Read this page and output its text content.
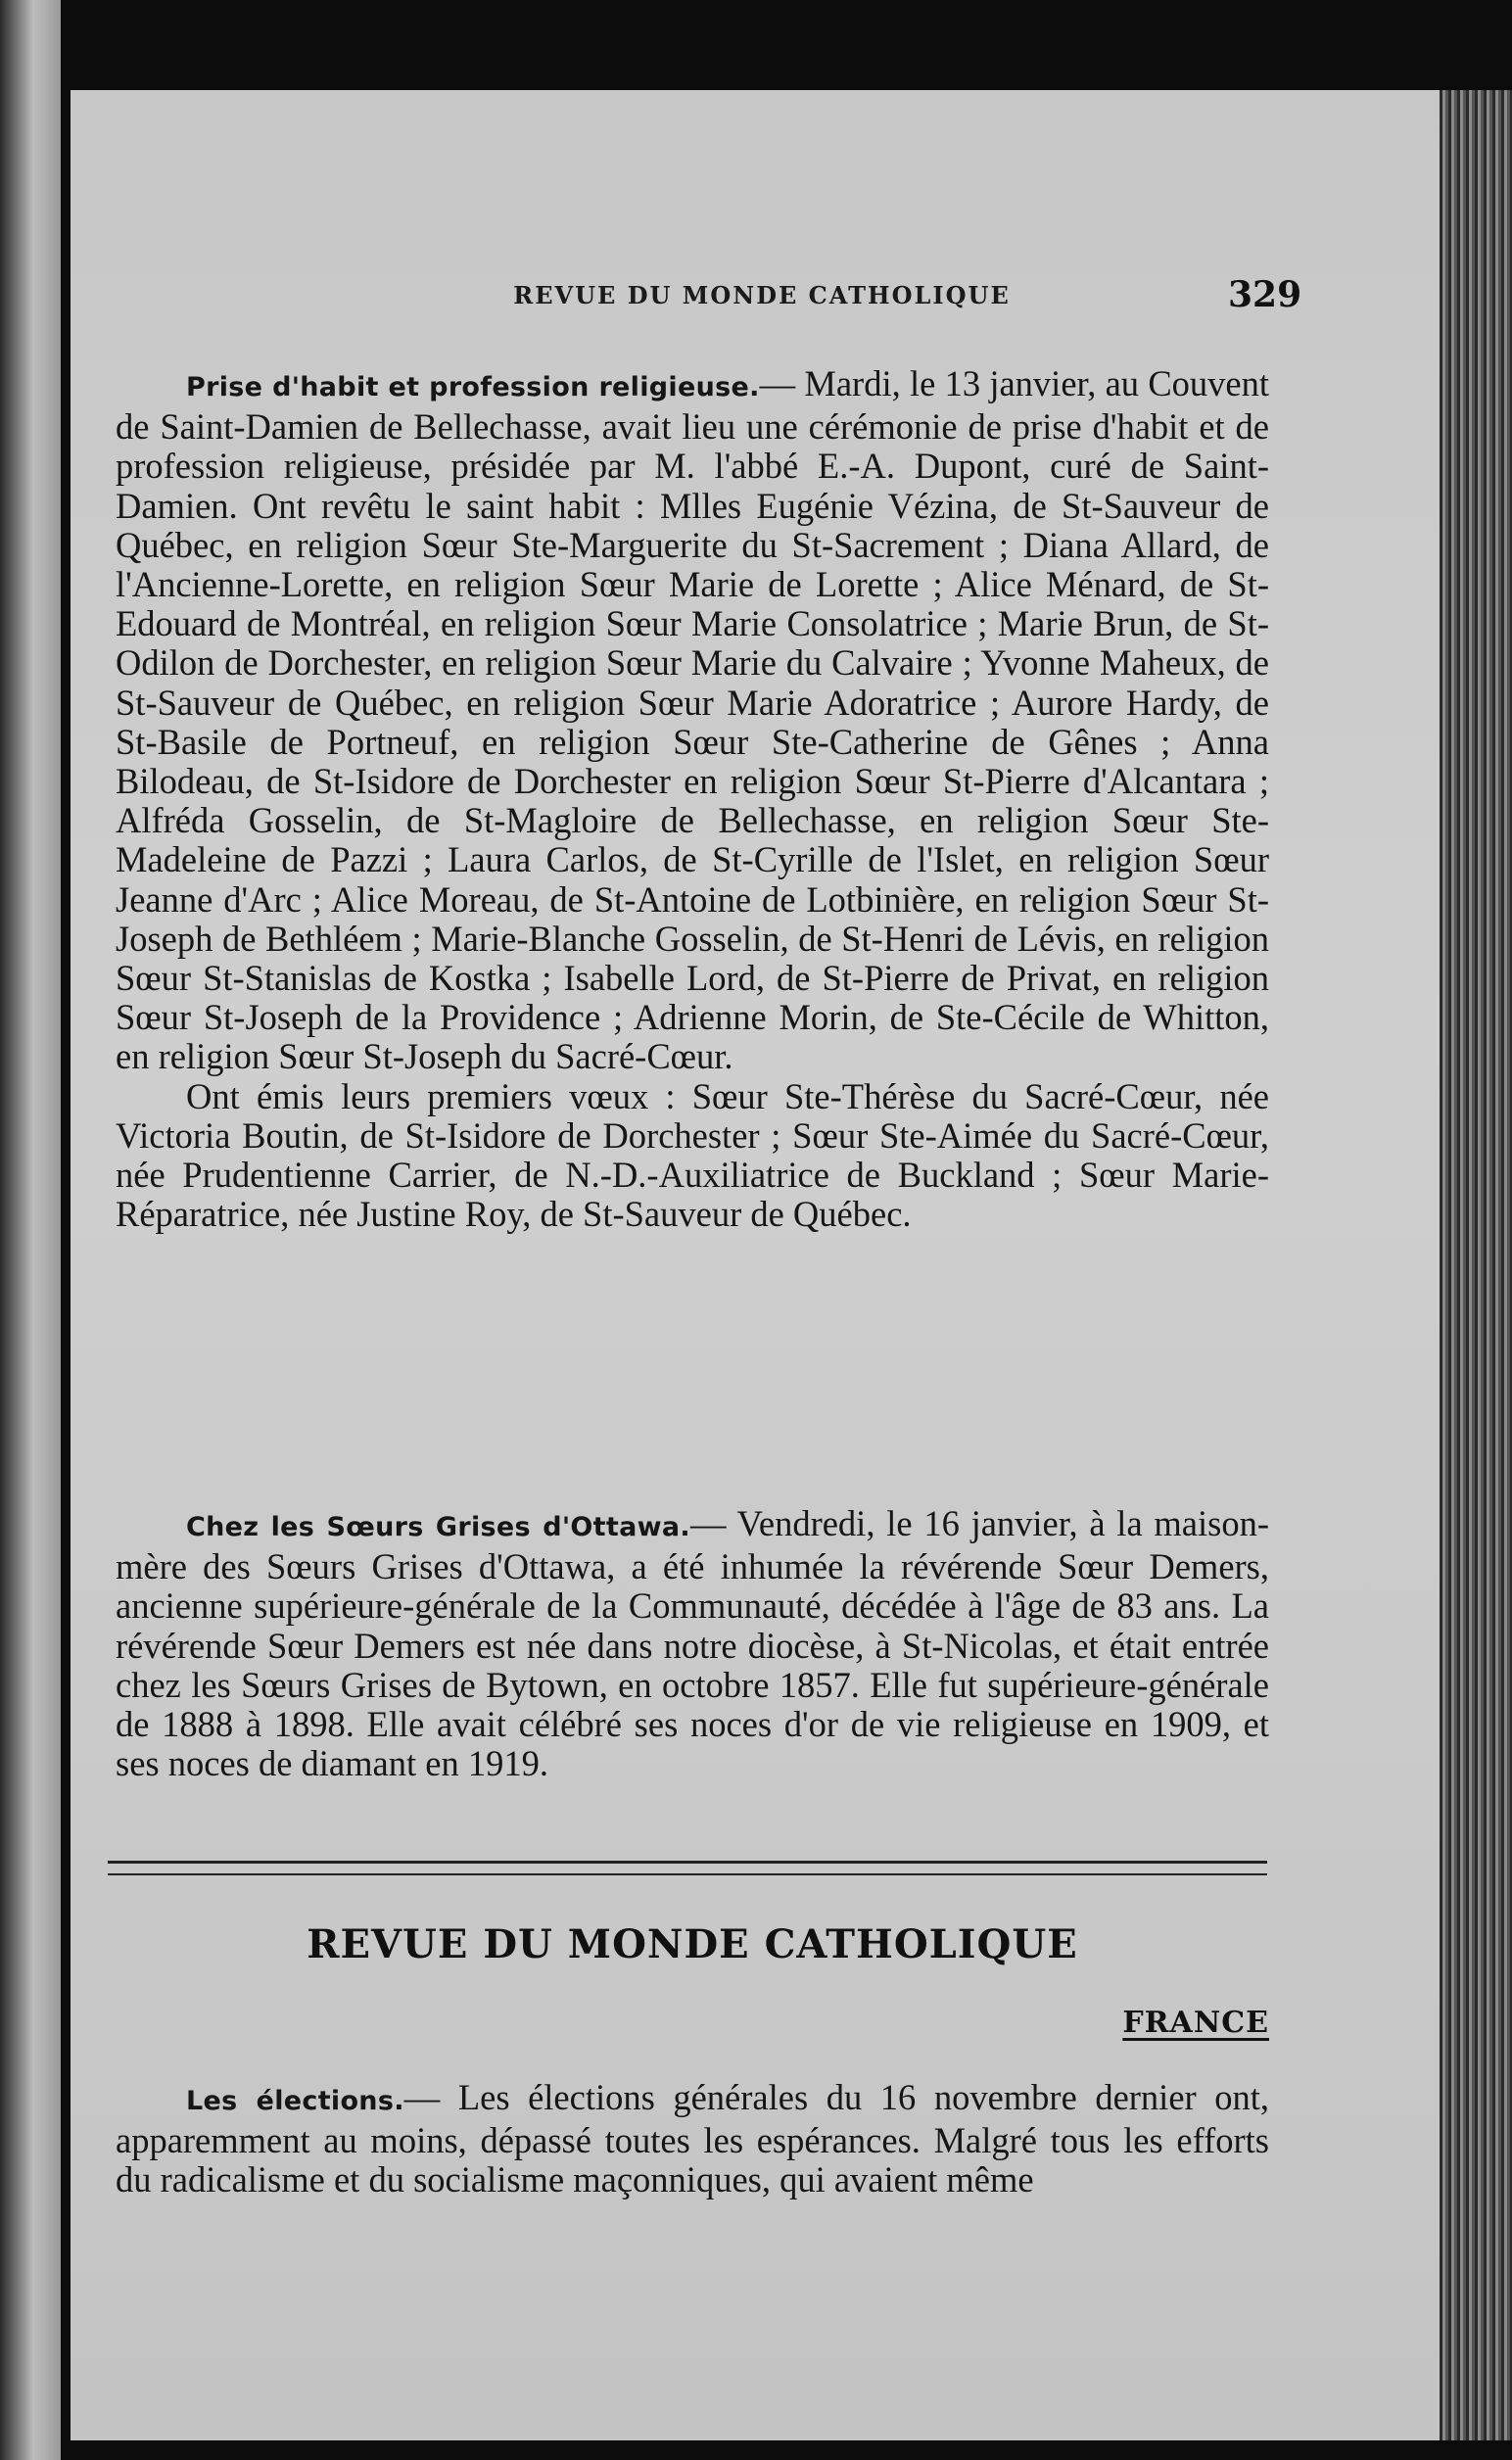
REVUE DU MONDE CATHOLIQUE	329

Prise d'habit et profession religieuse.— Mardi, le 13 janvier, au Couvent de Saint-Damien de Bellechasse, avait lieu une cérémonie de prise d'habit et de profession religieuse, présidée par M. l'abbé E.-A. Dupont, curé de Saint-Damien. Ont revêtu le saint habit : Mlles Eugénie Vézina, de St-Sauveur de Québec, en religion Sœur Ste-Marguerite du St-Sacrement ; Diana Allard, de l'Ancienne-Lorette, en religion Sœur Marie de Lorette ; Alice Ménard, de St-Edouard de Montréal, en religion Sœur Marie Consolatrice ; Marie Brun, de St-Odilon de Dorchester, en religion Sœur Marie du Calvaire ; Yvonne Maheux, de St-Sauveur de Québec, en religion Sœur Marie Adoratrice ; Aurore Hardy, de St-Basile de Portneuf, en religion Sœur Ste-Catherine de Gênes ; Anna Bilodeau, de St-Isidore de Dorchester en religion Sœur St-Pierre d'Alcantara ; Alfréda Gosselin, de St-Magloire de Bellechasse, en religion Sœur Ste-Madeleine de Pazzi ; Laura Carlos, de St-Cyrille de l'Islet, en religion Sœur Jeanne d'Arc ; Alice Moreau, de St-Antoine de Lotbinière, en religion Sœur St-Joseph de Bethléem ; Marie-Blanche Gosselin, de St-Henri de Lévis, en religion Sœur St-Stanislas de Kostka ; Isabelle Lord, de St-Pierre de Privat, en religion Sœur St-Joseph de la Providence ; Adrienne Morin, de Ste-Cécile de Whitton, en religion Sœur St-Joseph du Sacré-Cœur.

Ont émis leurs premiers vœux : Sœur Ste-Thérèse du Sacré-Cœur, née Victoria Boutin, de St-Isidore de Dorchester ; Sœur Ste-Aimée du Sacré-Cœur, née Prudentienne Carrier, de N.-D.-Auxiliatrice de Buckland ; Sœur Marie-Réparatrice, née Justine Roy, de St-Sauveur de Québec.

Chez les Sœurs Grises d'Ottawa.— Vendredi, le 16 janvier, à la maison-mère des Sœurs Grises d'Ottawa, a été inhumée la révérende Sœur Demers, ancienne supérieure-générale de la Communauté, décédée à l'âge de 83 ans. La révérende Sœur Demers est née dans notre diocèse, à St-Nicolas, et était entrée chez les Sœurs Grises de Bytown, en octobre 1857. Elle fut supérieure-générale de 1888 à 1898. Elle avait célébré ses noces d'or de vie religieuse en 1909, et ses noces de diamant en 1919.

REVUE DU MONDE CATHOLIQUE
FRANCE

Les élections.— Les élections générales du 16 novembre dernier ont, apparemment au moins, dépassé toutes les espérances. Malgré tous les efforts du radicalisme et du socialisme maçonniques, qui avaient même
